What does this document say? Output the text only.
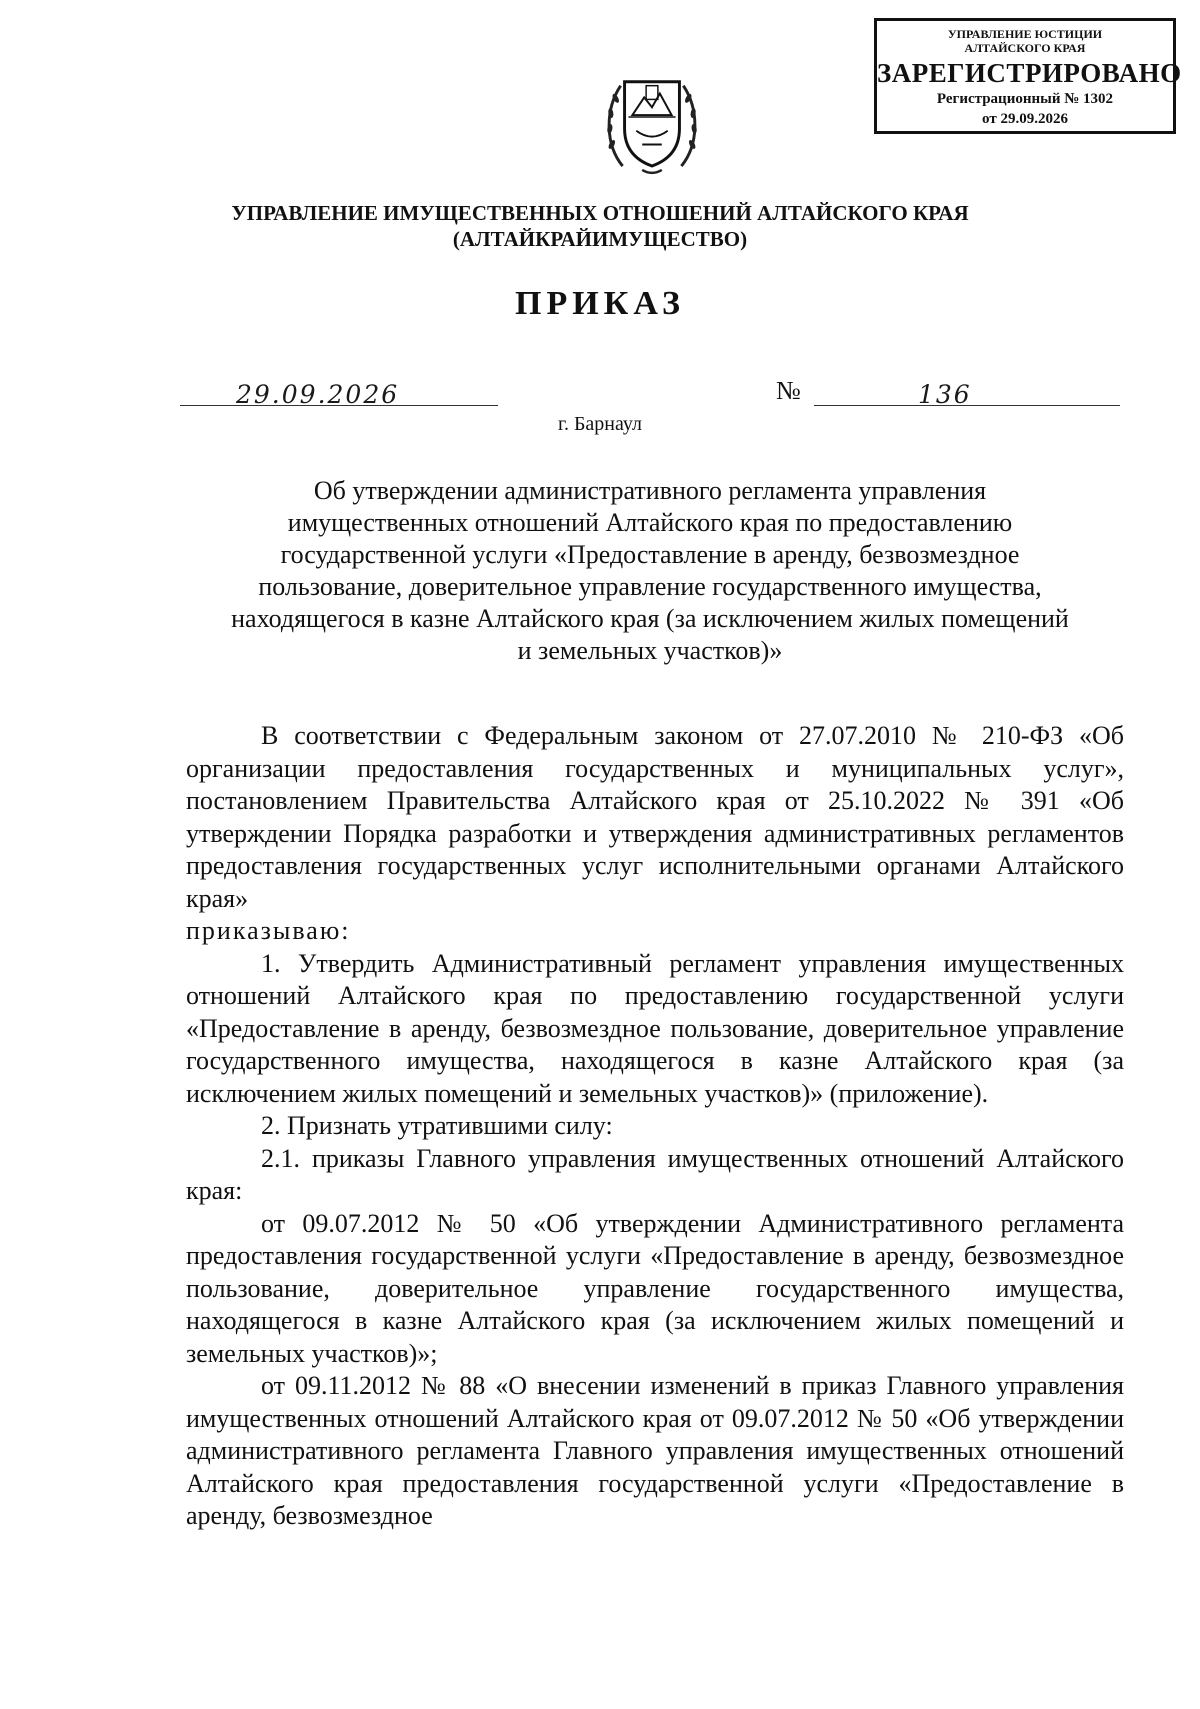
УПРАВЛЕНИЕ ЮСТИЦИИ
АЛТАЙСКОГО КРАЯ
ЗАРЕГИСТРИРОВАНО
Регистрационный № 1302
от 29.09.2026
УПРАВЛЕНИЕ ИМУЩЕСТВЕННЫХ ОТНОШЕНИЙ АЛТАЙСКОГО КРАЯ
(АЛТАЙКРАЙИМУЩЕСТВО)
ПРИКАЗ
29.09.2026	№	136
г. Барнаул
Об утверждении административного регламента управления
имущественных отношений Алтайского края по предоставлению
государственной услуги «Предоставление в аренду, безвозмездное
пользование, доверительное управление государственного имущества,
находящегося в казне Алтайского края (за исключением жилых помещений
и земельных участков)»

В соответствии с Федеральным законом от 27.07.2010 № 210-ФЗ «Об организации предоставления государственных и муниципальных услуг», постановлением Правительства Алтайского края от 25.10.2022 № 391 «Об утверждении Порядка разработки и утверждения административных регламентов предоставления государственных услуг исполнительными органами Алтайского края»

приказываю:

1. Утвердить Административный регламент управления имущественных отношений Алтайского края по предоставлению государственной услуги «Предоставление в аренду, безвозмездное пользование, доверительное управление государственного имущества, находящегося в казне Алтайского края (за исключением жилых помещений и земельных участков)» (приложение).

2. Признать утратившими силу:

2.1. приказы Главного управления имущественных отношений Алтайского края:

от 09.07.2012 № 50 «Об утверждении Административного регламента предоставления государственной услуги «Предоставление в аренду, безвозмездное пользование, доверительное управление государственного имущества, находящегося в казне Алтайского края (за исключением жилых помещений и земельных участков)»;

от 09.11.2012 № 88 «О внесении изменений в приказ Главного управления имущественных отношений Алтайского края от 09.07.2012 № 50 «Об утверждении административного регламента Главного управления имущественных отношений Алтайского края предоставления государственной услуги «Предоставление в аренду, безвозмездное
